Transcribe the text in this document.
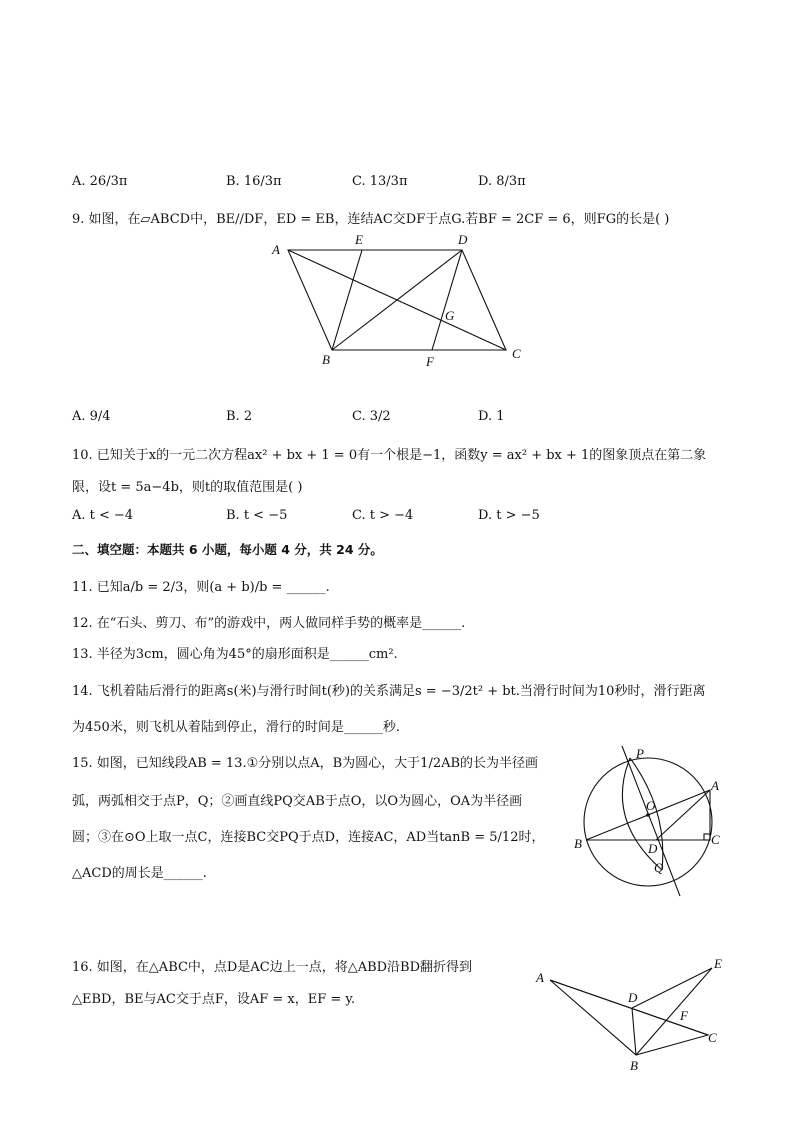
A. 26/3π	B. 16/3π	C. 13/3π	D. 8/3π
9. 如图，在▱ABCD中，BE//DF，ED = EB，连结AC交DF于点G.若BF = 2CF = 6，则FG的长是( )
A
E	D
G
B	F
C
A. 9/4	B. 2	C. 3/2	D. 1
10. 已知关于x的一元二次方程ax² + bx + 1 = 0有一个根是−1，函数y = ax² + bx + 1的图象顶点在第二象
限，设t = 5a−4b，则t的取值范围是( )
A. t < −4	B. t < −5	C. t > −4	D. t > −5
二、填空题：本题共 6 小题，每小题 4 分，共 24 分。
11. 已知a/b = 2/3，则(a + b)/b = ______.
12. 在“石头、剪刀、布”的游戏中，两人做同样手势的概率是______.
13. 半径为3cm，圆心角为45°的扇形面积是______cm².
14. 飞机着陆后滑行的距离s(米)与滑行时间t(秒)的关系满足s = −3/2t² + bt.当滑行时间为10秒时，滑行距离
为450米，则飞机从着陆到停止，滑行的时间是______秒.
15. 如图，已知线段AB = 13.①分别以点A，B为圆心，大于1/2AB的长为半径画
弧，两弧相交于点P，Q；②画直线PQ交AB于点O，以O为圆心，OA为半径画
圆；③在⊙O上取一点C，连接BC交PQ于点D，连接AC，AD当tanB = 5/12时，
△ACD的周长是______.
P
A
O
B	D
C
Q
16. 如图，在△ABC中，点D是AC边上一点，将△ABD沿BD翻折得到
△EBD，BE与AC交于点F，设AF = x，EF = y.
E
A
D
F
C
B
